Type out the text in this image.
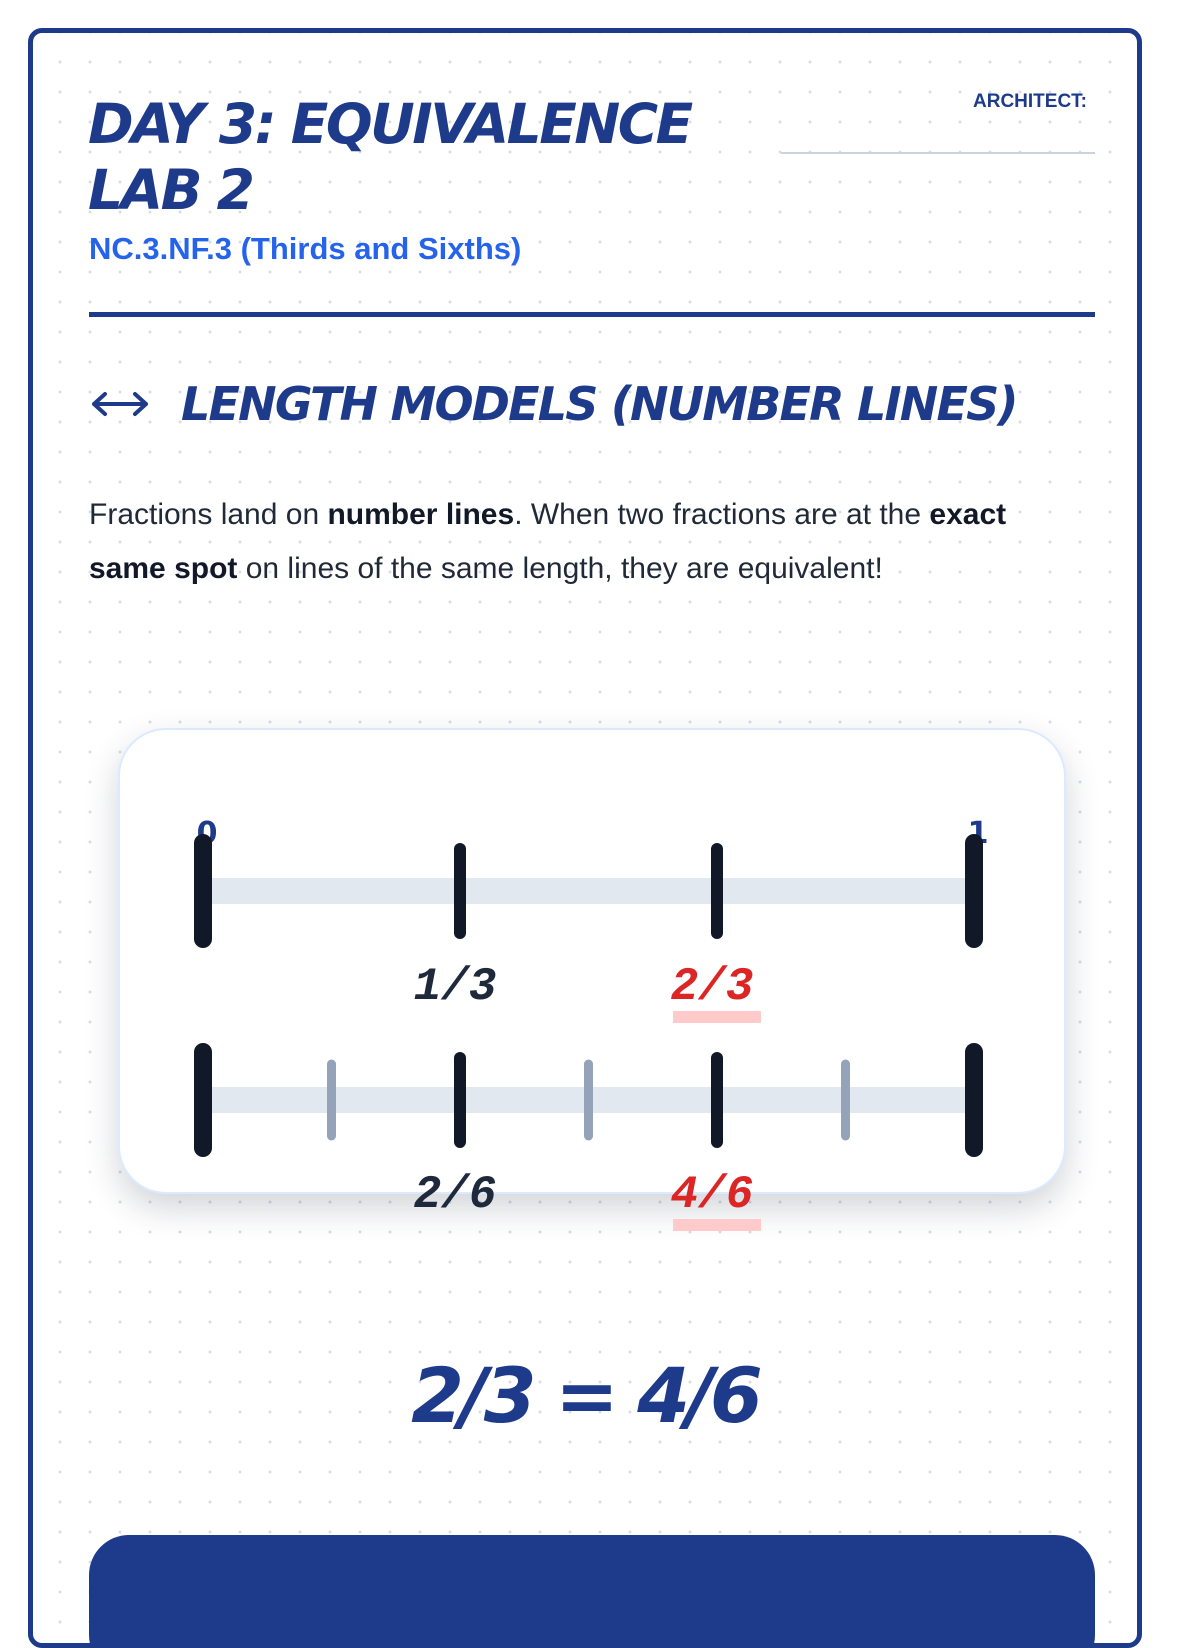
DAY 3: EQUIVALENCE LAB 2
NC.3.NF.3 (Thirds and Sixths)
ARCHITECT:
LENGTH MODELS (NUMBER LINES)

Fractions land on number lines. When two fractions are at the exact same spot on lines of the same length, they are equivalent!

0	1
1/3	2/3
2/6	4/6
2/3 = 4/6
